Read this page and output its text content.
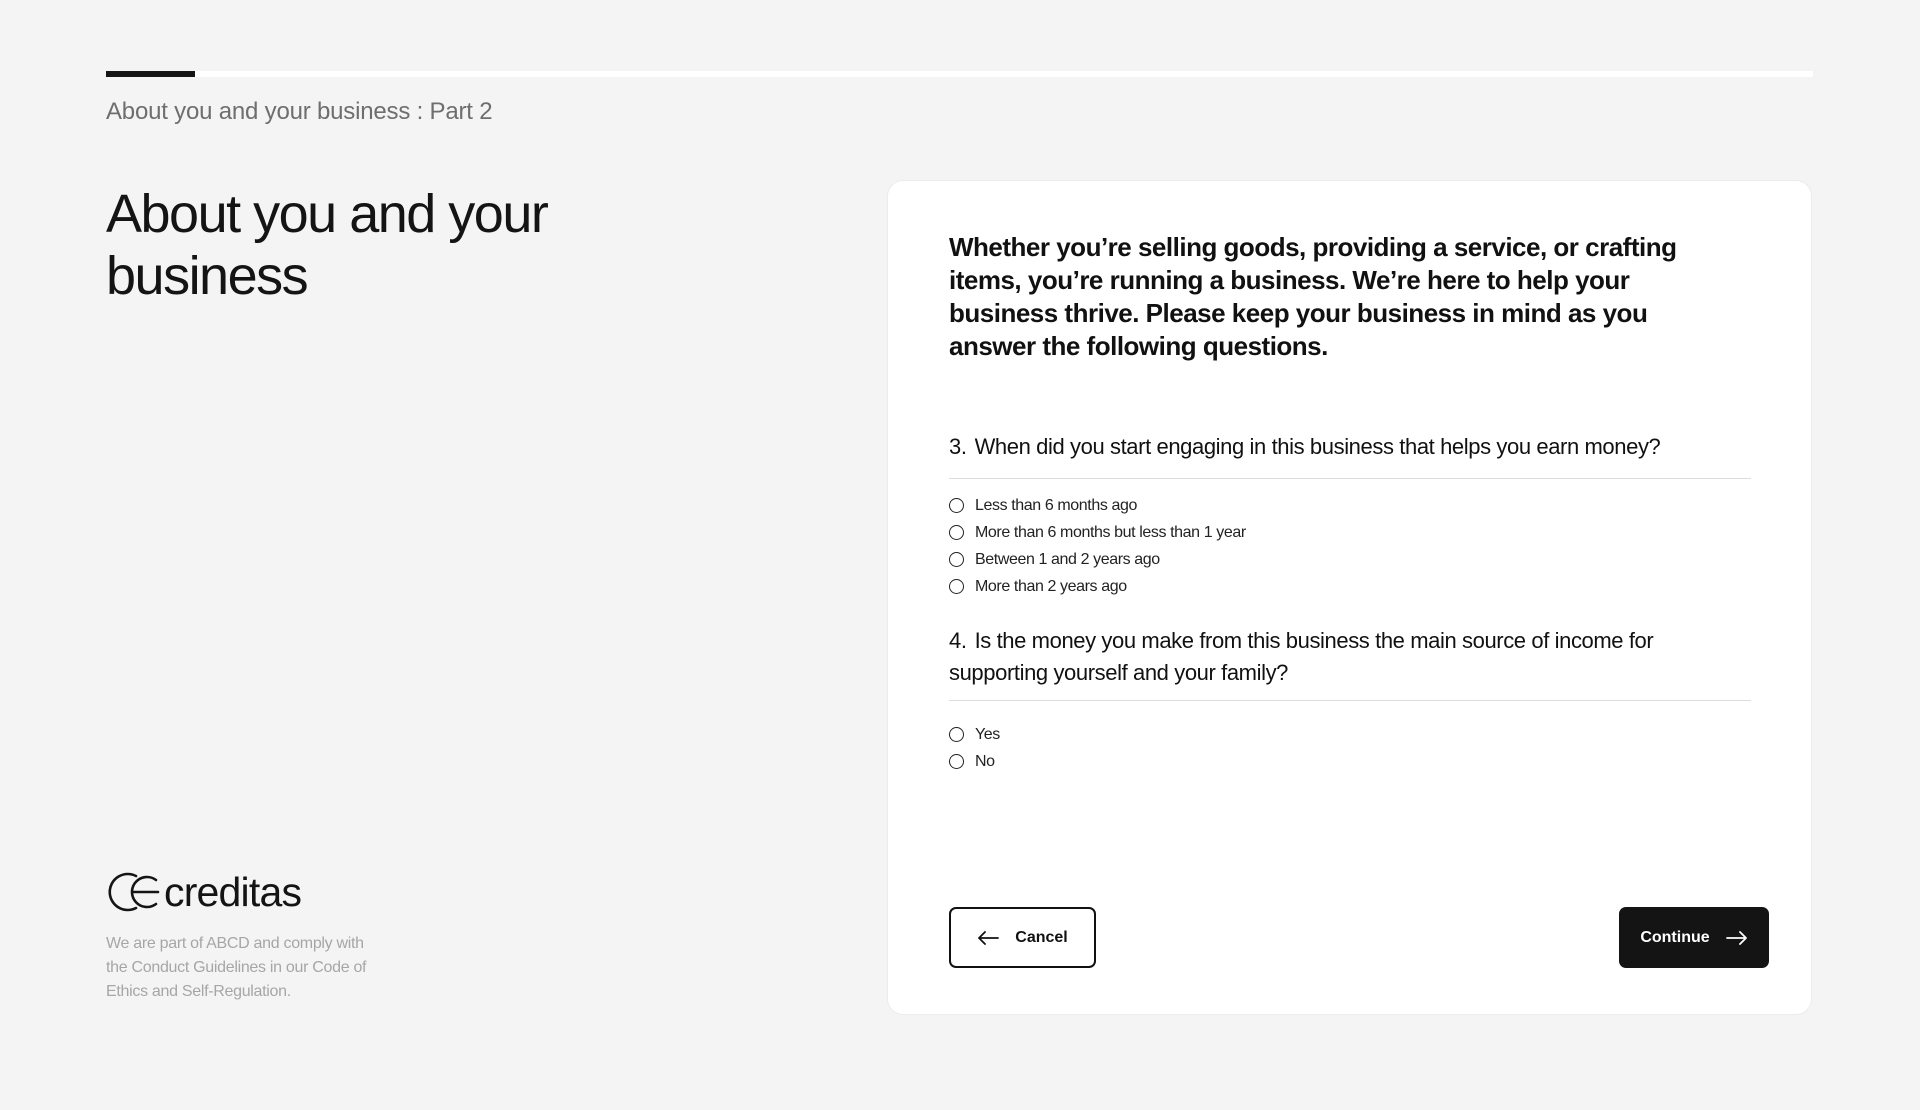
About you and your business : Part 2
About you and your business
creditas

We are part of ABCD and comply with the Conduct Guidelines in our Code of Ethics and Self-Regulation.

Whether you’re selling goods, providing a service, or crafting items, you’re running a business. We’re here to help your business thrive. Please keep your business in mind as you answer the following questions.

3. When did you start engaging in this business that helps you earn money?
Less than 6 months ago
More than 6 months but less than 1 year
Between 1 and 2 years ago
More than 2 years ago
4. Is the money you make from this business the main source of income for supporting yourself and your family?
Yes
No
Cancel	Continue
